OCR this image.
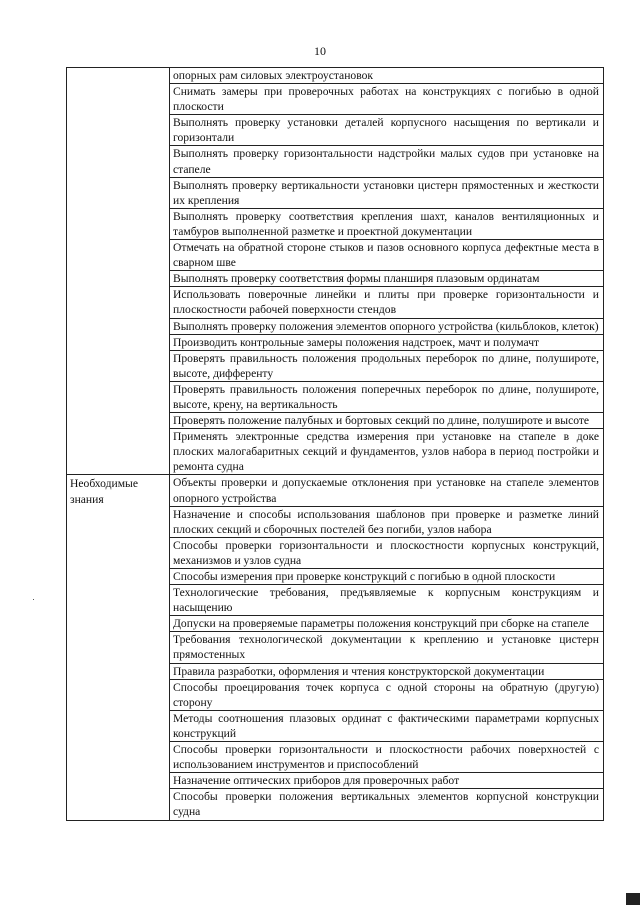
10
	опорных рам силовых электроустановок
	Снимать замеры при проверочных работах на конструкциях с погибью в одной плоскости
	Выполнять проверку установки деталей корпусного насыщения по вертикали и горизонтали
	Выполнять проверку горизонтальности надстройки малых судов при установке на стапеле
	Выполнять проверку вертикальности установки цистерн прямостенных и жесткости их крепления
	Выполнять проверку соответствия крепления шахт, каналов вентиляционных и тамбуров выполненной разметке и проектной документации
	Отмечать на обратной стороне стыков и пазов основного корпуса дефектные места в сварном шве
	Выполнять проверку соответствия формы планширя плазовым ординатам
	Использовать поверочные линейки и плиты при проверке горизонтальности и плоскостности рабочей поверхности стендов
	Выполнять проверку положения элементов опорного устройства (кильблоков, клеток)
	Производить контрольные замеры положения надстроек, мачт и полумачт
	Проверять правильность положения продольных переборок по длине, полушироте, высоте, дифференту
	Проверять правильность положения поперечных переборок по длине, полушироте, высоте, крену, на вертикальность
	Проверять положение палубных и бортовых секций по длине, полушироте и высоте
	Применять электронные средства измерения при установке на стапеле в доке плоских малогабаритных секций и фундаментов, узлов набора в период постройки и ремонта судна
Необходимые знания	Объекты проверки и допускаемые отклонения при установке на стапеле элементов опорного устройства
	Назначение и способы использования шаблонов при проверке и разметке линий плоских секций и сборочных постелей без погиби, узлов набора
	Способы проверки горизонтальности и плоскостности корпусных конструкций, механизмов и узлов судна
	Способы измерения при проверке конструкций с погибью в одной плоскости
	Технологические требования, предъявляемые к корпусным конструкциям и насыщению
	Допуски на проверяемые параметры положения конструкций при сборке на стапеле
	Требования технологической документации к креплению и установке цистерн прямостенных
	Правила разработки, оформления и чтения конструкторской документации
	Способы проецирования точек корпуса с одной стороны на обратную (другую) сторону
	Методы соотношения плазовых ординат с фактическими параметрами корпусных конструкций
	Способы проверки горизонтальности и плоскостности рабочих поверхностей с использованием инструментов и приспособлений
	Назначение оптических приборов для проверочных работ
	Способы проверки положения вертикальных элементов корпусной конструкции судна
